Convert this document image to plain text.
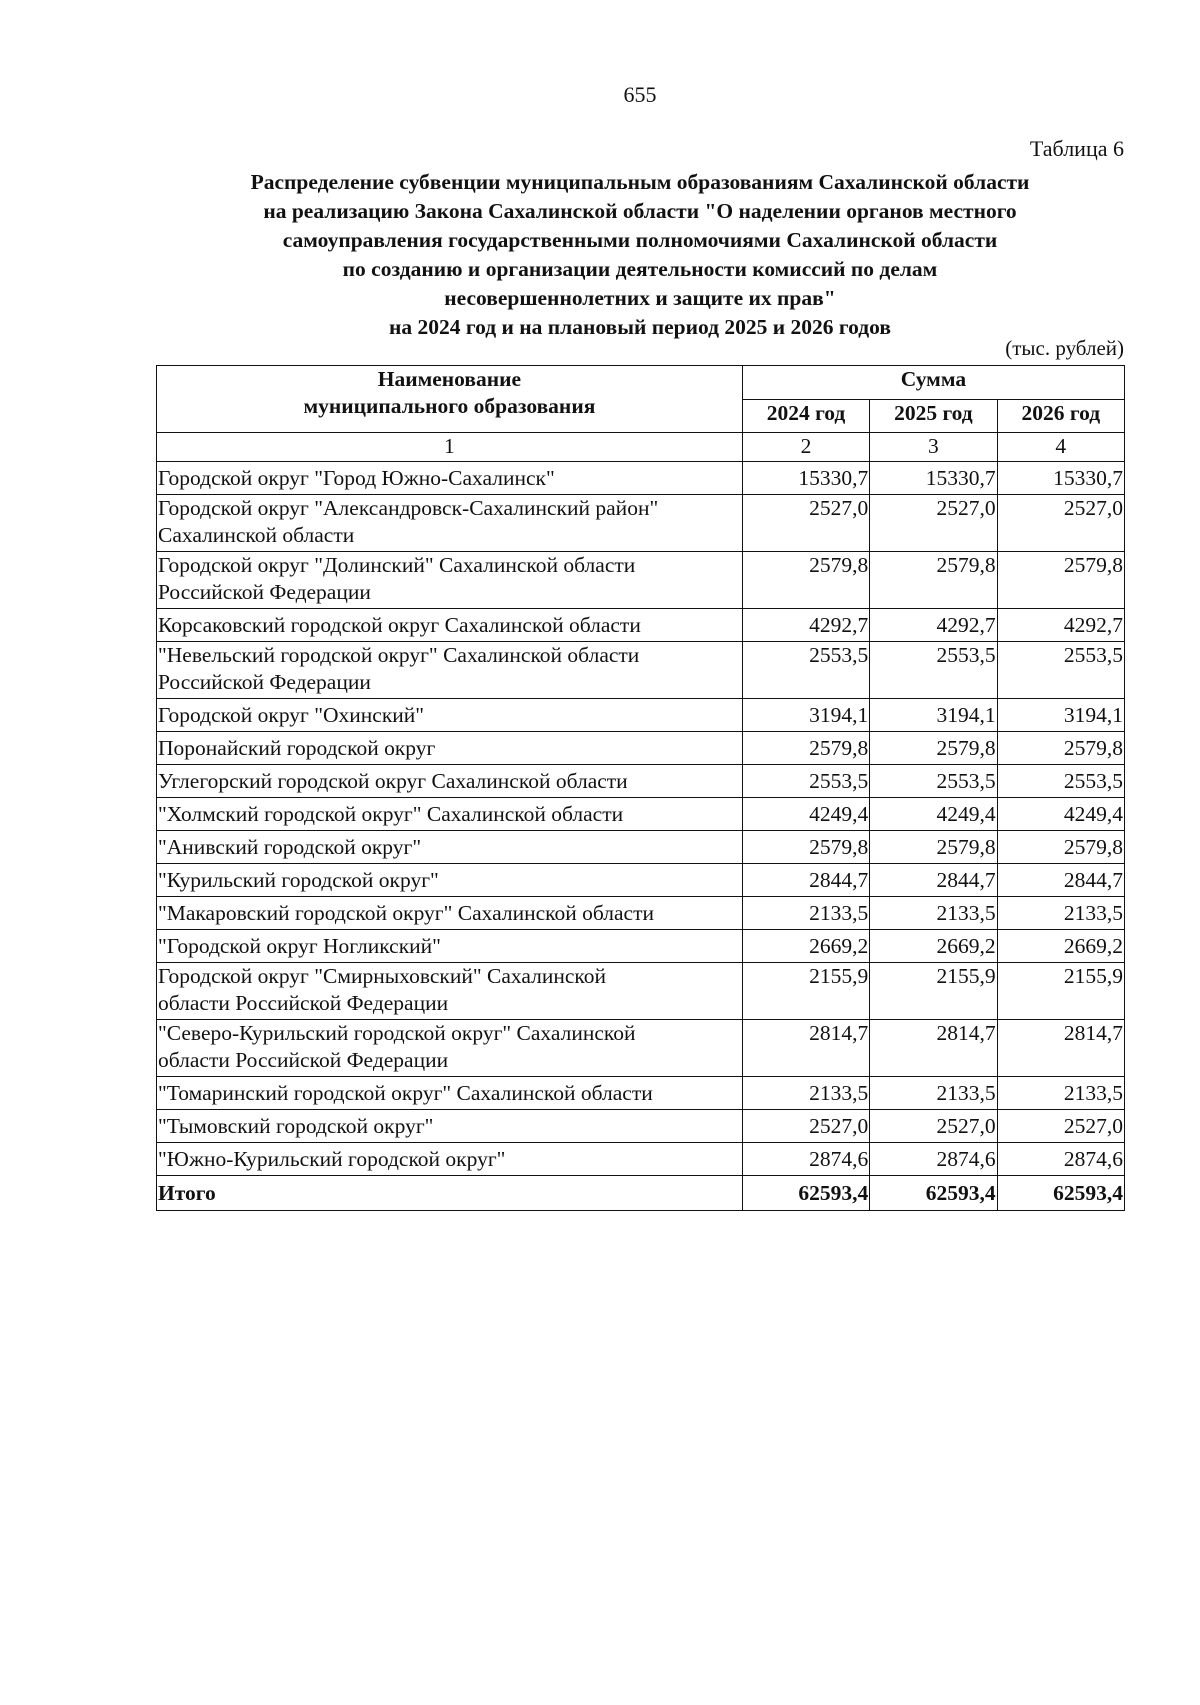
655
Таблица 6
Распределение субвенции муниципальным образованиям Сахалинской области
на реализацию Закона Сахалинской области "О наделении органов местного
самоуправления государственными полномочиями Сахалинской области
по созданию и организации деятельности комиссий по делам
несовершеннолетних и защите их прав"
на 2024 год и на плановый период 2025 и 2026 годов
(тыс. рублей)
Наименование
муниципального образования	Сумма		
	2024 год	2025 год	2026 год
1	2	3	4

Городской округ "Город Южно-Сахалинск"	15330,7	15330,7	15330,7

Городской округ "Александровск-Сахалинский район"
Сахалинской области	2527,0	2527,0	2527,0

Городской округ "Долинский" Сахалинской области
Российской Федерации	2579,8	2579,8	2579,8

Корсаковский городской округ Сахалинской области	4292,7	4292,7	4292,7

"Невельский городской округ" Сахалинской области
Российской Федерации	2553,5	2553,5	2553,5

Городской округ "Охинский"	3194,1	3194,1	3194,1

Поронайский городской округ	2579,8	2579,8	2579,8

Углегорский городской округ Сахалинской области	2553,5	2553,5	2553,5

"Холмский городской округ" Сахалинской области	4249,4	4249,4	4249,4

"Анивский городской округ"	2579,8	2579,8	2579,8

"Курильский городской округ"	2844,7	2844,7	2844,7

"Макаровский городской округ" Сахалинской области	2133,5	2133,5	2133,5

"Городской округ Ногликский"	2669,2	2669,2	2669,2

Городской округ "Смирныховский" Сахалинской
области Российской Федерации	2155,9	2155,9	2155,9

"Северо-Курильский городской округ" Сахалинской
области Российской Федерации	2814,7	2814,7	2814,7

"Томаринский городской округ" Сахалинской области	2133,5	2133,5	2133,5

"Тымовский городской округ"	2527,0	2527,0	2527,0

"Южно-Курильский городской округ"	2874,6	2874,6	2874,6
Итого	62593,4	62593,4	62593,4
